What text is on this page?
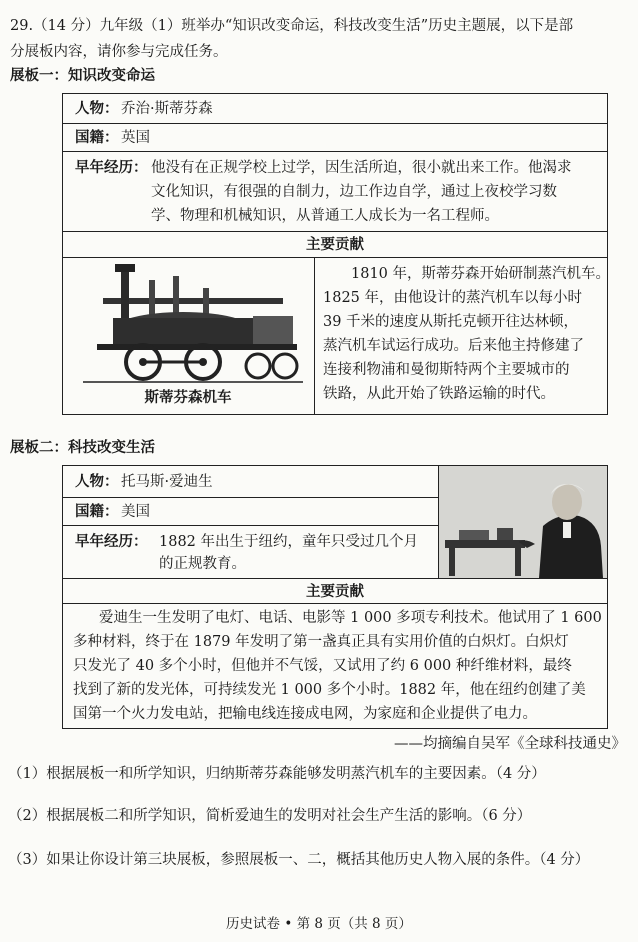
29.（14 分）九年级（1）班举办“知识改变命运，科技改变生活”历史主题展，以下是部
分展板内容，请你参与完成任务。
展板一：知识改变命运
人物： 乔治·斯蒂芬森
国籍： 英国
早年经历： 他没有在正规学校上过学，因生活所迫，很小就出来工作。他渴求
文化知识，有很强的自制力，边工作边自学，通过上夜校学习数
学、物理和机械知识，从普通工人成长为一名工程师。
主要贡献
斯蒂芬森机车
1810 年，斯蒂芬森开始研制蒸汽机车。
1825 年，由他设计的蒸汽机车以每小时
39 千米的速度从斯托克顿开往达林顿，
蒸汽机车试运行成功。后来他主持修建了
连接利物浦和曼彻斯特两个主要城市的
铁路，从此开始了铁路运输的时代。
展板二：科技改变生活
人物： 托马斯·爱迪生
国籍： 美国
早年经历： 1882 年出生于纽约，童年只受过几个月
的正规教育。
主要贡献
爱迪生一生发明了电灯、电话、电影等 1 000 多项专利技术。他试用了 1 600
多种材料，终于在 1879 年发明了第一盏真正具有实用价值的白炽灯。白炽灯
只发光了 40 多个小时，但他并不气馁，又试用了约 6 000 种纤维材料，最终
找到了新的发光体，可持续发光 1 000 多个小时。1882 年，他在纽约创建了美
国第一个火力发电站，把输电线连接成电网，为家庭和企业提供了电力。
——均摘编自吴军《全球科技通史》
（1）根据展板一和所学知识，归纳斯蒂芬森能够发明蒸汽机车的主要因素。（4 分）
（2）根据展板二和所学知识，简析爱迪生的发明对社会生产生活的影响。（6 分）
（3）如果让你设计第三块展板，参照展板一、二，概括其他历史人物入展的条件。（4 分）
历史试卷 • 第 8 页（共 8 页）
